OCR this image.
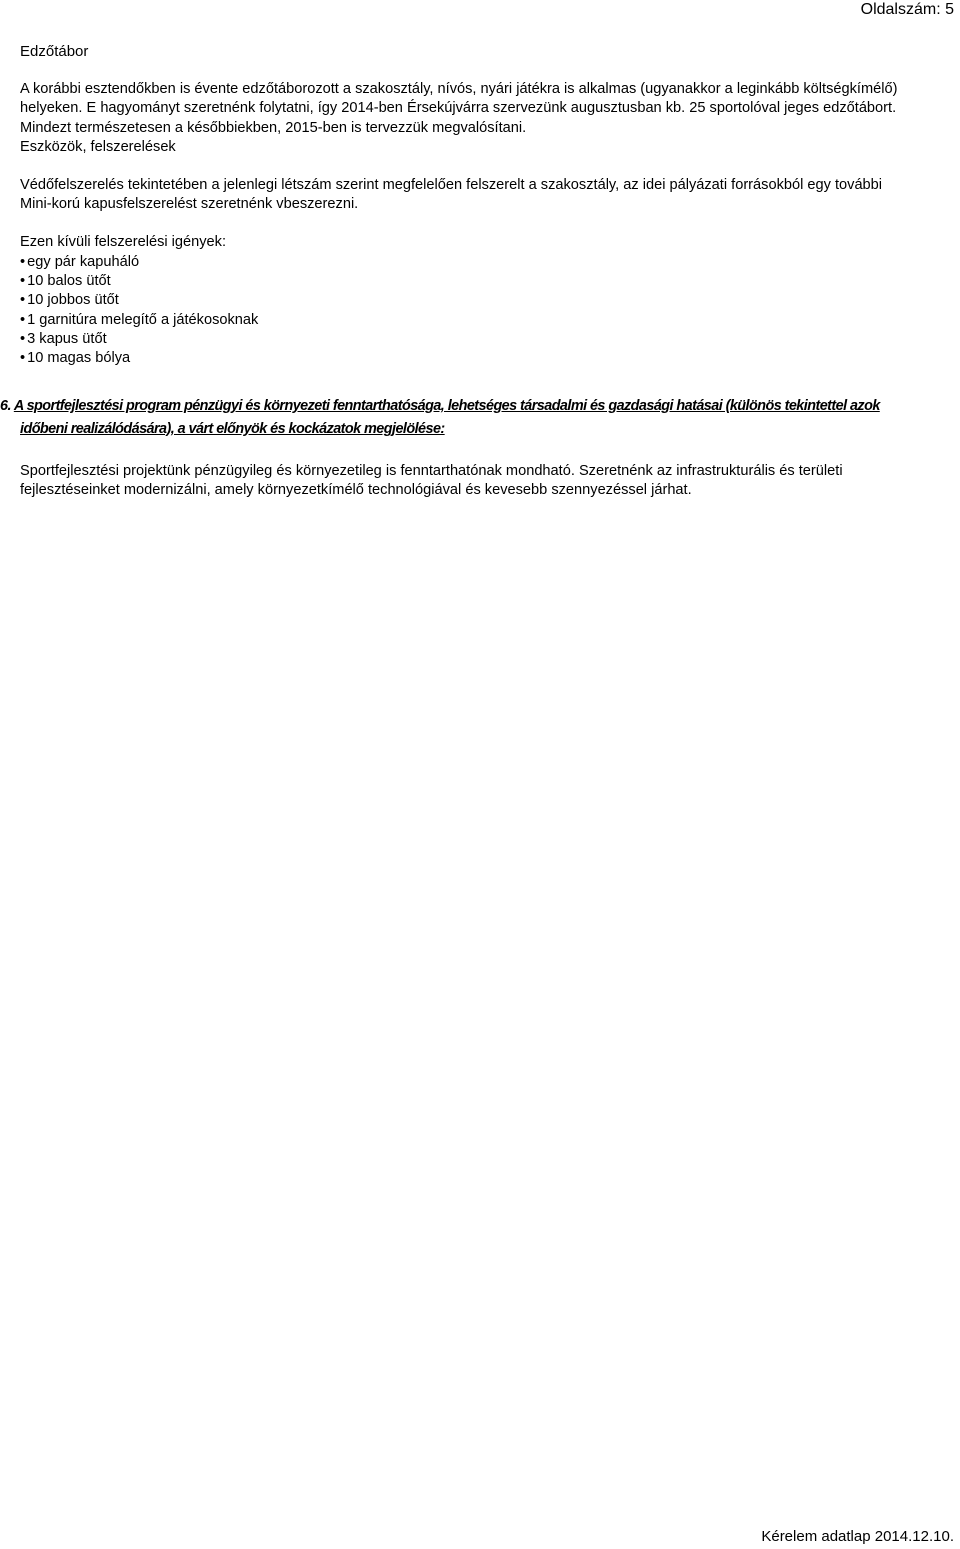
Oldalszám: 5
Edzőtábor
A korábbi esztendőkben is évente edzőtáborozott a szakosztály, nívós, nyári játékra is alkalmas (ugyanakkor a leginkább költségkímélő)
helyeken. E hagyományt szeretnénk folytatni, így 2014-ben Érsekújvárra szervezünk augusztusban kb. 25 sportolóval jeges edzőtábort.
Mindezt természetesen a későbbiekben, 2015-ben is tervezzük megvalósítani.
Eszközök, felszerelések
Védőfelszerelés tekintetében a jelenlegi létszám szerint megfelelően felszerelt a szakosztály, az idei pályázati forrásokból egy további
Mini-korú kapusfelszerelést szeretnénk vbeszerezni.
Ezen kívüli felszerelési igények:
• egy pár kapuháló
• 10 balos ütőt
• 10 jobbos ütőt
• 1 garnitúra melegítő a játékosoknak
• 3 kapus ütőt
• 10 magas bólya
6. A sportfejlesztési program pénzügyi és környezeti fenntarthatósága, lehetséges társadalmi és gazdasági hatásai (különös tekintettel azok
időbeni realizálódására), a várt előnyök és kockázatok megjelölése:
Sportfejlesztési projektünk pénzügyileg és környezetileg is fenntarthatónak mondható. Szeretnénk az infrastrukturális és területi
fejlesztéseinket modernizálni, amely környezetkímélő technológiával és kevesebb szennyezéssel járhat.
Kérelem adatlap 2014.12.10.
